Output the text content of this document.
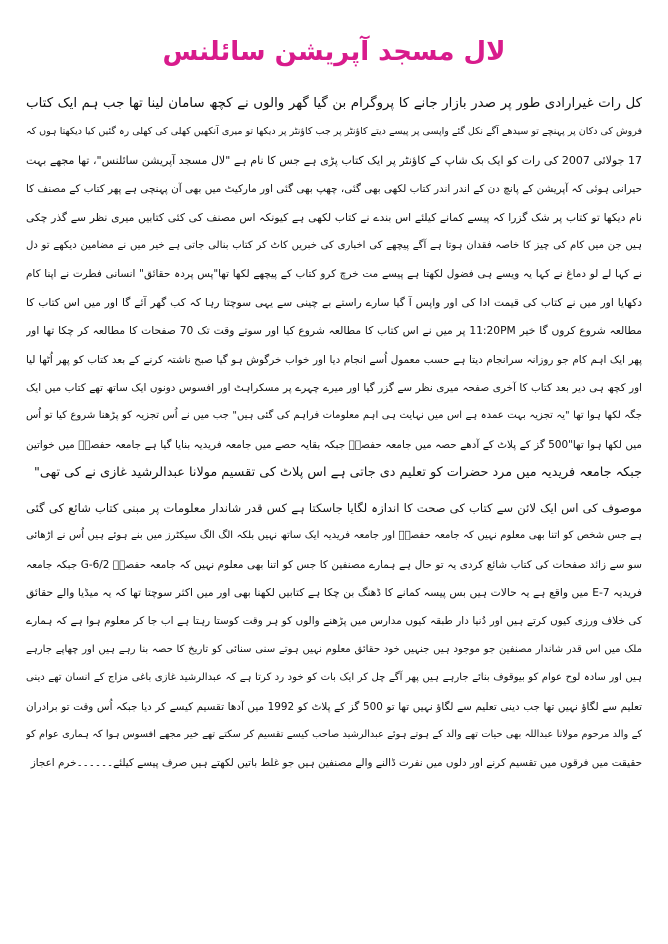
لال مسجد آپریشن سائلنس
کل رات غیرارادی طور پر صدر بازار جانے کا پروگرام بن گیا گھر والوں نے کچھ سامان لینا تھا جب ہم ایک کتاب
فروش کی دکان پر پہنچے تو سیدھے آگے نکل گئے واپسی پر پیسے دیتے کاؤنٹر پر جب کاؤنٹر پر دیکھا تو میری آنکھیں کھلی کی کھلی رہ گئیں کیا دیکھتا ہوں کہ
17 جولائی 2007 کی رات کو ایک بک شاپ کے کاؤنٹر پر ایک کتاب پڑی ہے جس کا نام ہے "لال مسجد آپریشن سائلنس"، تھا مجھے بہت
حیرانی ہوئی کہ آپریشن کے پانچ دن کے اندر اندر کتاب لکھی بھی گئی، چھپ بھی گئی اور مارکیٹ میں بھی آن پہنچی ہے پھر کتاب کے مصنف کا
نام دیکھا تو کتاب پر شک گزرا کہ پیسے کمانے کیلئے اس بندے نے کتاب لکھی ہے کیونکہ اس مصنف کی کئی کتابیں میری نظر سے گذر چکی
ہیں جن میں کام کی چیز کا خاصہ فقدان ہوتا ہے آگے پیچھے کی اخباری کی خبریں کاٹ کر کتاب بنالی جاتی ہے خیر میں نے مضامین دیکھے تو دل
نے کہا لے لو دماغ نے کہا یہ ویسے ہی فضول لکھتا ہے پیسے مت خرچ کرو کتاب کے پیچھے لکھا تھا"پس پردہ حقائق" انسانی فطرت نے اپنا کام
دکھایا اور میں نے کتاب کی قیمت ادا کی اور واپس آ گیا سارے راستے بے چینی سے یہی سوچتا رہا کہ کب گھر آئے گا اور میں اس کتاب کا
مطالعہ شروع کروں گا خیر 11:20PM پر میں نے اس کتاب کا مطالعہ شروع کیا اور سوتے وقت تک 70 صفحات کا مطالعہ کر چکا تھا اور
پھر ایک اہم کام جو روزانہ سرانجام دیتا ہے حسب معمول اُسے انجام دیا اور خواب خرگوش ہو گیا صبح ناشتہ کرنے کے بعد کتاب کو پھر اُٹھا لیا
اور کچھ ہی دیر بعد کتاب کا آخری صفحہ میری نظر سے گزر گیا اور میرے چہرے پر مسکراہٹ اور افسوس دونوں ایک ساتھ تھے کتاب میں ایک
جگہ لکھا ہوا تھا "یہ تجزیہ بہت عمدہ ہے اس میں نہایت ہی اہم معلومات فراہم کی گئی ہیں" جب میں نے اُس تجزیہ کو پڑھنا شروع کیا تو اُس
میں لکھا ہوا تھا"500 گز کے پلاٹ کے آدھے حصہ میں جامعہ حفصہؓ جبکہ بقایہ حصے میں جامعہ فریدیہ بنایا گیا ہے جامعہ حفصہؓ میں خواتین
جبکہ جامعہ فریدیہ میں مرد حضرات کو تعلیم دی جاتی ہے اس پلاٹ کی تقسیم مولانا عبدالرشید غازی نے کی تھی"
موصوف کی اس ایک لائن سے کتاب کی صحت کا اندازہ لگایا جاسکتا ہے کس قدر شاندار معلومات پر مبنی کتاب شائع کی گئی
ہے جس شخص کو اتنا بھی معلوم نہیں کہ جامعہ حفصہؓ اور جامعہ فریدیہ ایک ساتھ نہیں بلکہ الگ الگ سیکٹرز میں بنے ہوئے ہیں اُس نے اڑھائی
سو سے زائد صفحات کی کتاب شائع کردی یہ تو حال ہے ہمارے مصنفین کا جس کو اتنا بھی معلوم نہیں کہ جامعہ حفصہؓ G-6/2 جبکہ جامعہ
فریدیہ E-7 میں واقع ہے یہ حالات ہیں بس پیسہ کمانے کا ڈھنگ بن چکا ہے کتابیں لکھنا بھی اور میں اکثر سوچتا تھا کہ یہ میڈیا والے حقائق
کی خلاف ورزی کیوں کرتے ہیں اور دُنیا دار طبقہ کیوں مدارس میں پڑھنے والوں کو ہر وقت کوستا رہتا ہے اب جا کر معلوم ہوا ہے کہ ہمارے
ملک میں اس قدر شاندار مصنفین جو موجود ہیں جنہیں خود حقائق معلوم نہیں ہوتے سنی سنائی کو تاریخ کا حصہ بنا رہے ہیں اور چھاپے جارہے
ہیں اور سادہ لوح عوام کو بیوقوف بنائے جارہے ہیں پھر آگے چل کر ایک بات کو خود رد کرتا ہے کہ عبدالرشید غازی باغی مزاج کے انسان تھے دینی
تعلیم سے لگاؤ نہیں تھا جب دینی تعلیم سے لگاؤ نہیں تھا تو 500 گز کے پلاٹ کو 1992 میں آدھا تقسیم کیسے کر دیا جبکہ اُس وقت تو برادران
کے والد مرحوم مولانا عبداللہ بھی حیات تھے والد کے ہوتے ہوئے عبدالرشید صاحب کیسے تقسیم کر سکتے تھے خیر مجھے افسوس ہوا کہ ہماری عوام کو
حقیقت میں فرقوں میں تقسیم کرنے اور دلوں میں نفرت ڈالنے والے مصنفین ہیں جو غلط باتیں لکھتے ہیں صرف پیسے کیلئے۔۔۔۔۔۔خرم اعجاز
